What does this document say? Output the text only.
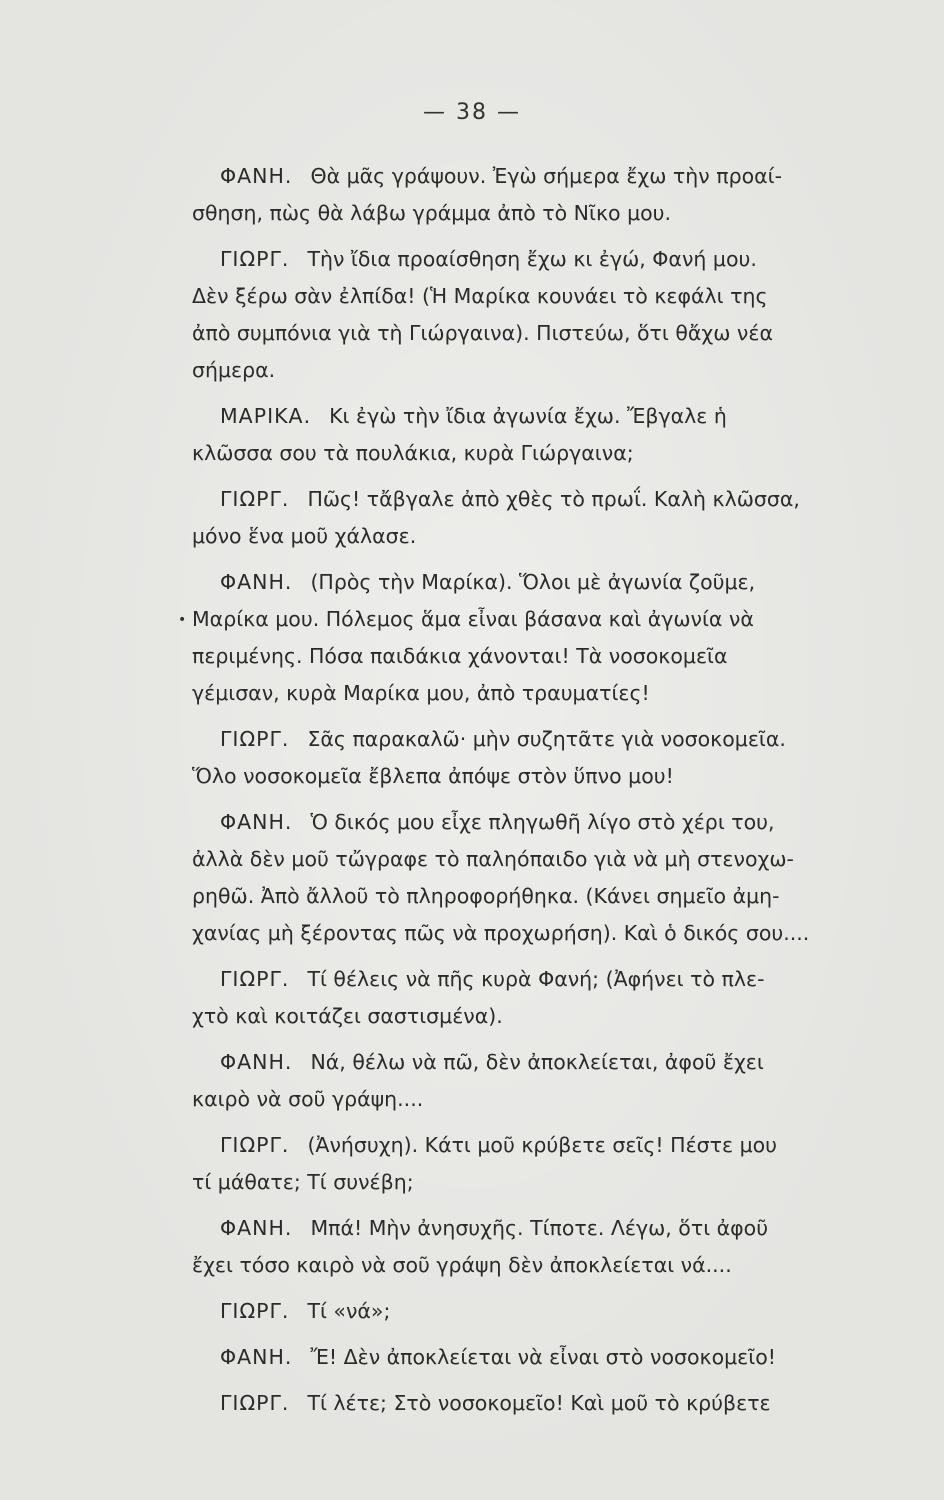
— 38 —
ΦΑΝΗ. Θὰ μᾶς γράψουν. Ἐγὼ σήμερα ἔχω τὴν προαί-
σθηση, πὼς θὰ λάβω γράμμα ἀπὸ τὸ Νῖκο μου.
ΓΙΩΡΓ. Τὴν ἴδια προαίσθηση ἔχω κι ἐγώ, Φανή μου.
Δὲν ξέρω σὰν ἐλπίδα! (Ἡ Μαρίκα κουνάει τὸ κεφάλι της
ἀπὸ συμπόνια γιὰ τὴ Γιώργαινα). Πιστεύω, ὅτι θἄχω νέα
σήμερα.
ΜΑΡΙΚΑ. Κι ἐγὼ τὴν ἴδια ἀγωνία ἔχω. Ἔβγαλε ἡ
κλῶσσα σου τὰ πουλάκια, κυρὰ Γιώργαινα;
ΓΙΩΡΓ. Πῶς! τἄβγαλε ἀπὸ χθὲς τὸ πρωΐ. Καλὴ κλῶσσα,
μόνο ἕνα μοῦ χάλασε.
ΦΑΝΗ. (Πρὸς τὴν Μαρίκα). Ὅλοι μὲ ἀγωνία ζοῦμε,
Μαρίκα μου. Πόλεμος ἅμα εἶναι βάσανα καὶ ἀγωνία νὰ
περιμένης. Πόσα παιδάκια χάνονται! Τὰ νοσοκομεῖα
γέμισαν, κυρὰ Μαρίκα μου, ἀπὸ τραυματίες!
ΓΙΩΡΓ. Σᾶς παρακαλῶ· μὴν συζητᾶτε γιὰ νοσοκομεῖα.
Ὅλο νοσοκομεῖα ἔβλεπα ἀπόψε στὸν ὕπνο μου!
ΦΑΝΗ. Ὁ δικός μου εἶχε πληγωθῆ λίγο στὸ χέρι του,
ἀλλὰ δὲν μοῦ τὤγραφε τὸ παληόπαιδο γιὰ νὰ μὴ στενοχω-
ρηθῶ. Ἀπὸ ἄλλοῦ τὸ πληροφορήθηκα. (Κάνει σημεῖο ἀμη-
χανίας μὴ ξέροντας πῶς νὰ προχωρήση). Καὶ ὁ δικός σου....
ΓΙΩΡΓ. Τί θέλεις νὰ πῆς κυρὰ Φανή; (Ἀφήνει τὸ πλε-
χτὸ καὶ κοιτάζει σαστισμένα).
ΦΑΝΗ. Νά, θέλω νὰ πῶ, δὲν ἀποκλείεται, ἀφοῦ ἔχει
καιρὸ νὰ σοῦ γράψη....
ΓΙΩΡΓ. (Ἀνήσυχη). Κάτι μοῦ κρύβετε σεῖς! Πέστε μου
τί μάθατε; Τί συνέβη;
ΦΑΝΗ. Μπά! Μὴν ἀνησυχῆς. Τίποτε. Λέγω, ὅτι ἀφοῦ
ἔχει τόσο καιρὸ νὰ σοῦ γράψη δὲν ἀποκλείεται νά....
ΓΙΩΡΓ. Τί «νά»;
ΦΑΝΗ. Ἔ! Δὲν ἀποκλείεται νὰ εἶναι στὸ νοσοκομεῖο!
ΓΙΩΡΓ. Τί λέτε; Στὸ νοσοκομεῖο! Καὶ μοῦ τὸ κρύβετε
•
